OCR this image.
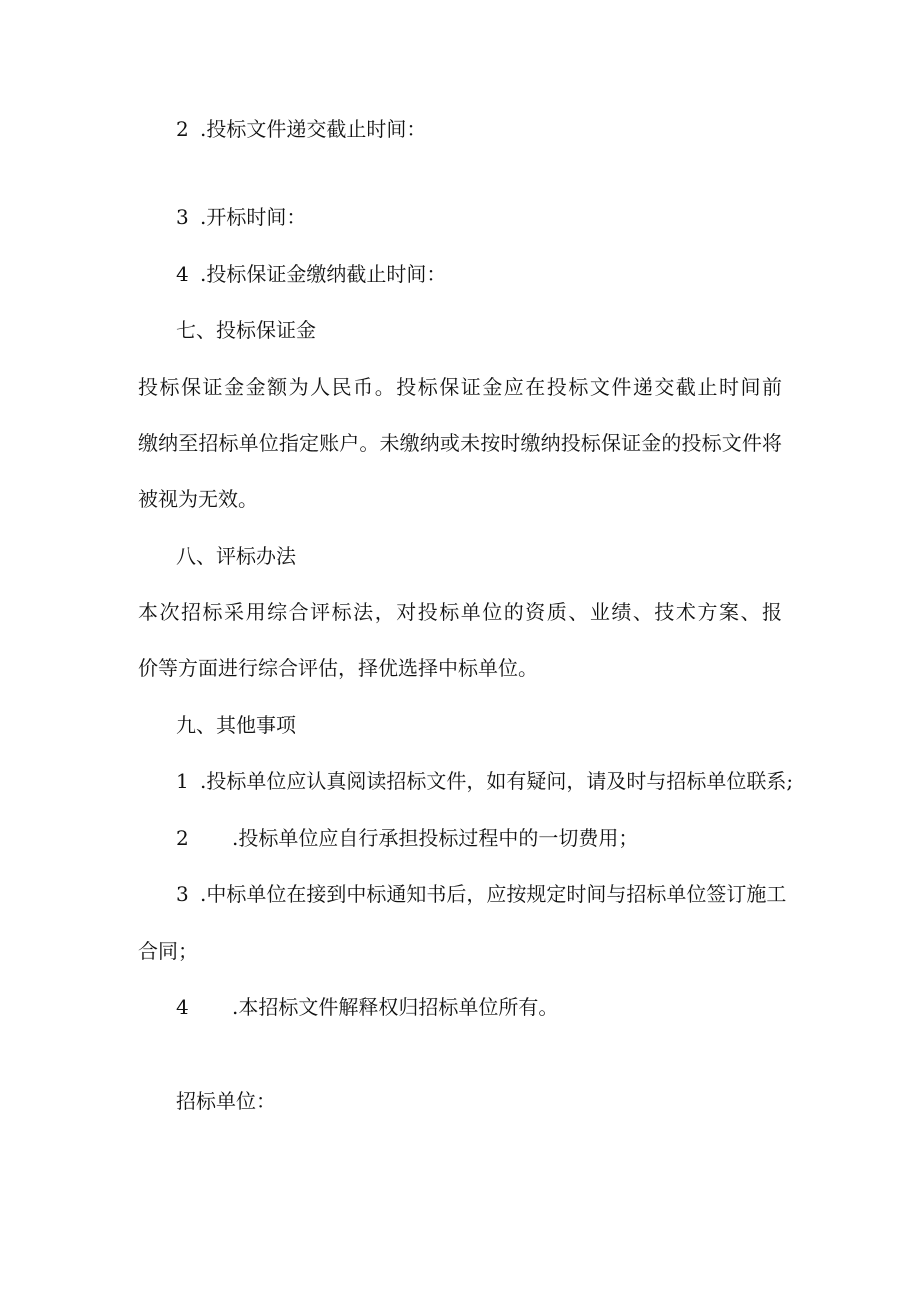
2 .投标文件递交截止时间：
3 .开标时间：
4 .投标保证金缴纳截止时间：
七、投标保证金
投标保证金金额为人民币。投标保证金应在投标文件递交截止时间前
缴纳至招标单位指定账户。未缴纳或未按时缴纳投标保证金的投标文件将
被视为无效。
八、评标办法
本次招标采用综合评标法，对投标单位的资质、业绩、技术方案、报
价等方面进行综合评估，择优选择中标单位。
九、其他事项
1 .投标单位应认真阅读招标文件，如有疑问，请及时与招标单位联系;
2 .投标单位应自行承担投标过程中的一切费用；
3 .中标单位在接到中标通知书后，应按规定时间与招标单位签订施工
合同；
4 .本招标文件解释权归招标单位所有。
招标单位：
